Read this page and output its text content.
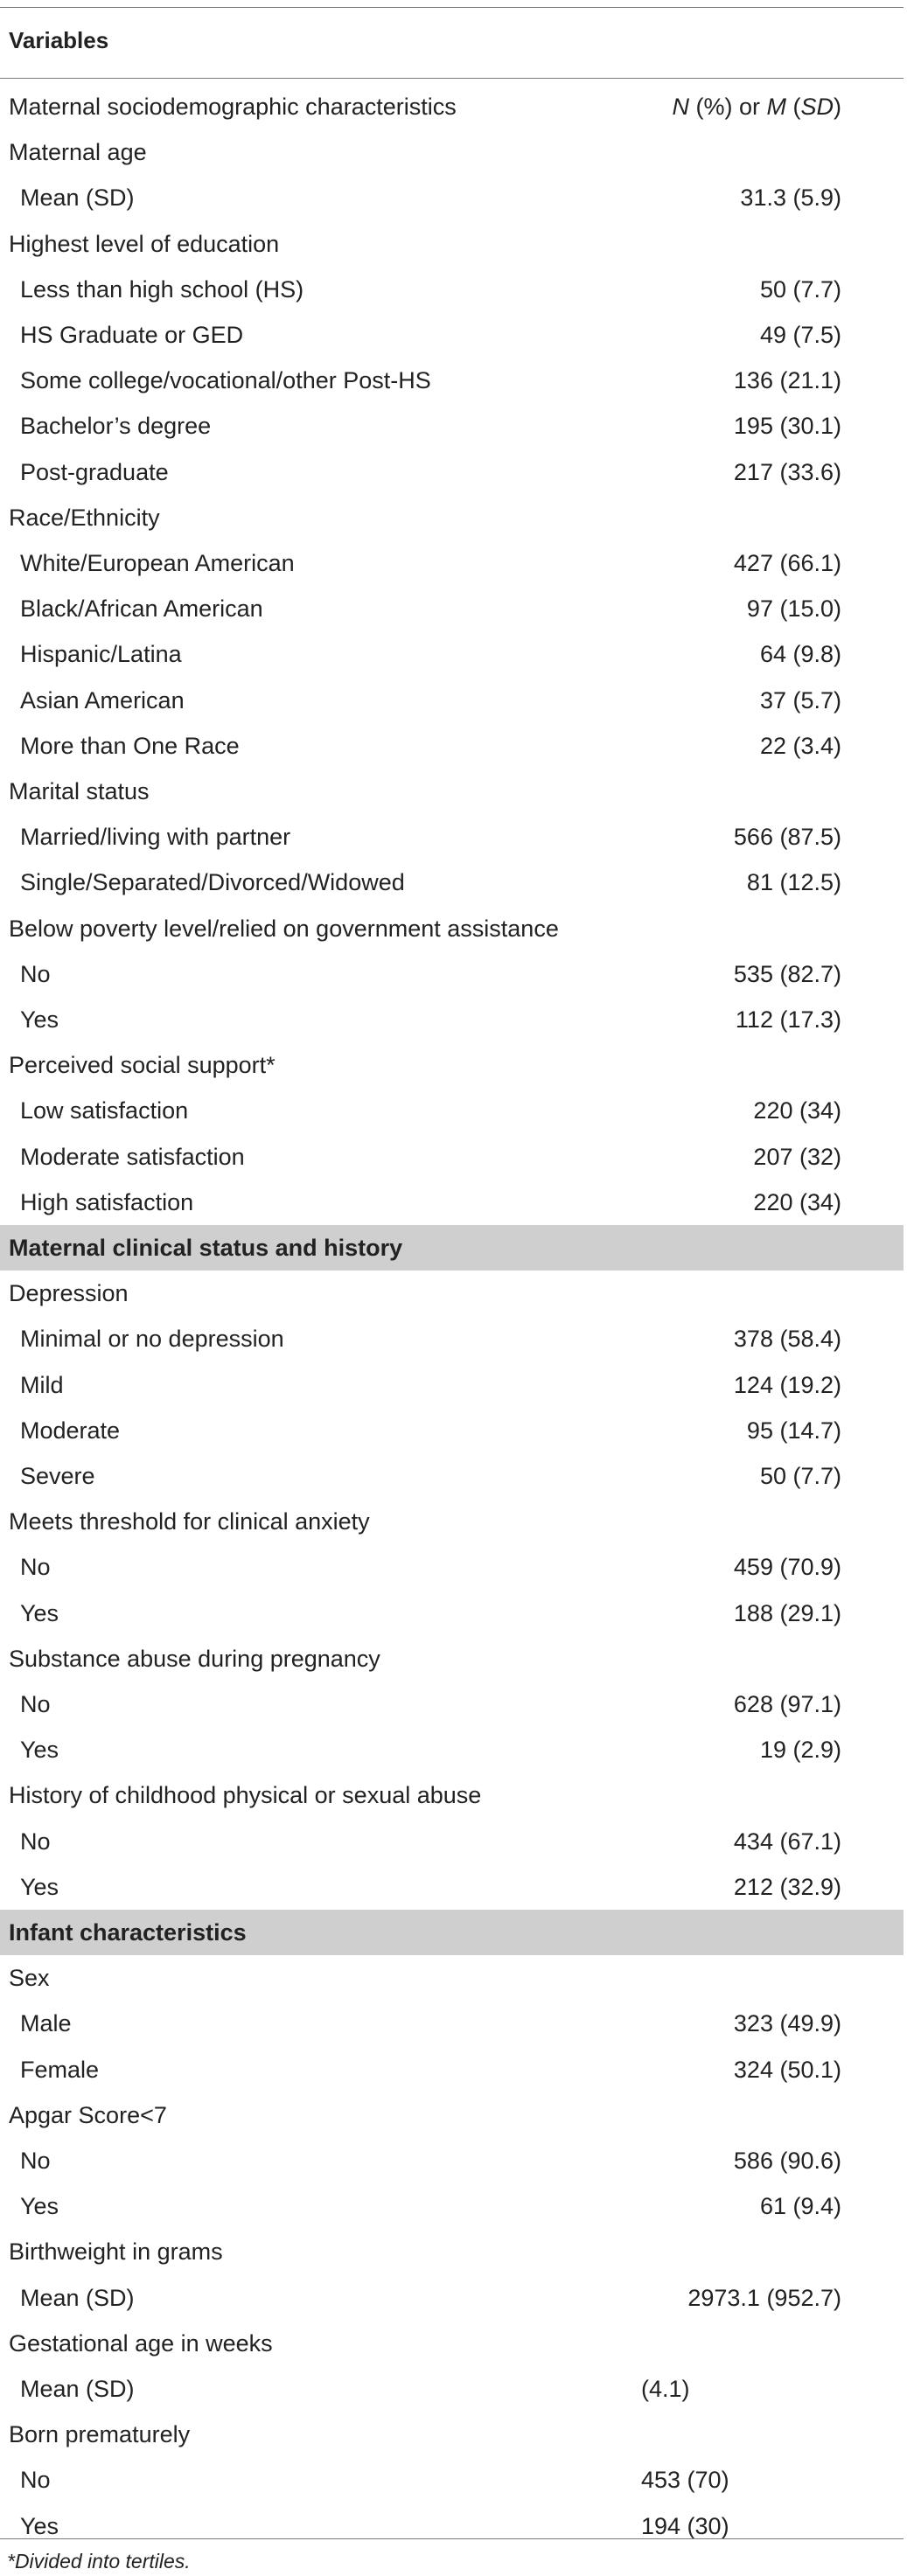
Variables
Maternal sociodemographic characteristics	N (%) or M (SD)
Maternal age
Mean (SD)	31.3 (5.9)
Highest level of education
Less than high school (HS)	50 (7.7)
HS Graduate or GED	49 (7.5)
Some college/vocational/other Post-HS	136 (21.1)
Bachelor’s degree	195 (30.1)
Post-graduate	217 (33.6)
Race/Ethnicity
White/European American	427 (66.1)
Black/African American	97 (15.0)
Hispanic/Latina	64 (9.8)
Asian American	37 (5.7)
More than One Race	22 (3.4)
Marital status
Married/living with partner	566 (87.5)
Single/Separated/Divorced/Widowed	81 (12.5)
Below poverty level/relied on government assistance
No	535 (82.7)
Yes	112 (17.3)
Perceived social support*
Low satisfaction	220 (34)
Moderate satisfaction	207 (32)
High satisfaction	220 (34)
Maternal clinical status and history
Depression
Minimal or no depression	378 (58.4)
Mild	124 (19.2)
Moderate	95 (14.7)
Severe	50 (7.7)
Meets threshold for clinical anxiety
No	459 (70.9)
Yes	188 (29.1)
Substance abuse during pregnancy
No	628 (97.1)
Yes	19 (2.9)
History of childhood physical or sexual abuse
No	434 (67.1)
Yes	212 (32.9)
Infant characteristics
Sex
Male	323 (49.9)
Female	324 (50.1)
Apgar Score<7
No	586 (90.6)
Yes	61 (9.4)
Birthweight in grams
Mean (SD)	2973.1 (952.7)
Gestational age in weeks
Mean (SD)	(4.1)
Born prematurely
No	453 (70)
Yes	194 (30)
*Divided into tertiles.
